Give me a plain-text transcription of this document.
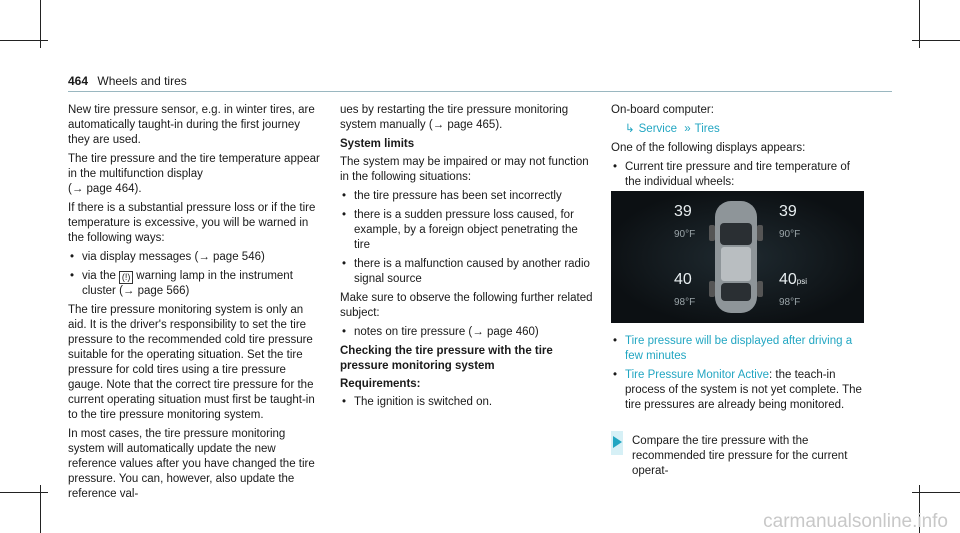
464 Wheels and tires

New tire pressure sensor, e.g. in winter tires, are automatically taught-in during the first journey they are used.

The tire pressure and the tire temperature appear in the multifunction display
(→ page 464).

If there is a substantial pressure loss or if the tire temperature is excessive, you will be warned in the following ways:

• via display messages (→ page 546)
• via the (!) warning lamp in the instrument cluster (→ page 566)

The tire pressure monitoring system is only an aid. It is the driver's responsibility to set the tire pressure to the recommended cold tire pressure suitable for the operating situation. Set the tire pressure for cold tires using a tire pressure gauge. Note that the correct tire pressure for the current operating situation must first be taught-in to the tire pressure monitoring system.

In most cases, the tire pressure monitoring system will automatically update the new reference values after you have changed the tire pressure. You can, however, also update the reference val-

ues by restarting the tire pressure monitoring system manually (→ page 465).

System limits

The system may be impaired or may not function in the following situations:

• the tire pressure has been set incorrectly
• there is a sudden pressure loss caused, for example, by a foreign object penetrating the tire
• there is a malfunction caused by another radio signal source

Make sure to observe the following further related subject:

• notes on tire pressure (→ page 460)
Checking the tire pressure with the tire pressure monitoring system
Requirements:
• The ignition is switched on.

On-board computer:

↳ Service » Tires

One of the following displays appears:

• Current tire pressure and tire temperature of the individual wheels:
39
90°F
39
90°F
40
98°F
40psi
98°F
• Tire pressure will be displayed after driving a few minutes
• Tire Pressure Monitor Active: the teach-in process of the system is not yet complete. The tire pressures are already being monitored.

Compare the tire pressure with the recommended tire pressure for the current operat-

carmanualsonline.info
